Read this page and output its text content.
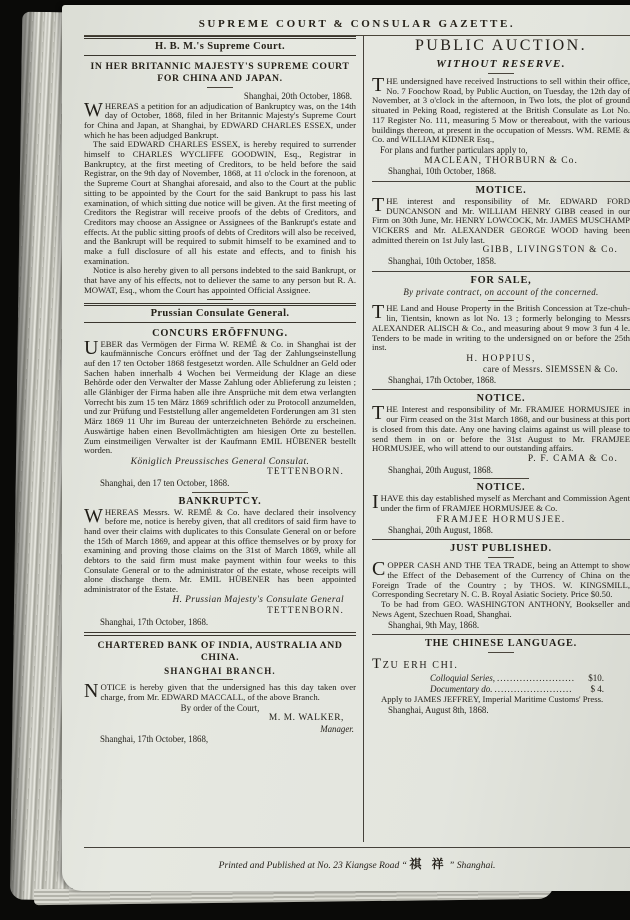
SUPREME COURT & CONSULAR GAZETTE.
H. B. M.'s Supreme Court.
IN HER BRITANNIC MAJESTY'S SUPREME COURT FOR CHINA AND JAPAN.
Shanghai, 20th October, 1868.
WHEREAS a petition for an adjudication of Bankruptcy was, on the 14th day of October, 1868, filed in her Britannic Majesty's Supreme Court for China and Japan, at Shanghai, by EDWARD CHARLES ESSEX, under which he has been adjudged Bankrupt.
The said EDWARD CHARLES ESSEX, is hereby required to surrender himself to CHARLES WYCLIFFE GOODWIN, Esq., Registrar in Bankruptcy, at the first meeting of Creditors, to be held before the said Registrar, on the 9th day of November, 1868, at 11 o'clock in the forenoon, at the Supreme Court at Shanghai aforesaid, and also to the Court at the public sitting to be appointed by the Court for the said Bankrupt to pass his last examination, of which sitting due notice will be given. At the first meeting of Creditors the Registrar will receive proofs of the debts of Creditors, and Creditors may choose an Assignee or Assignees of the Bankrupt's estate and effects. At the public sitting proofs of debts of Creditors will also be received, and the Bankrupt will be required to submit himself to be examined and to make a full disclosure of all his estate and effects, and to finish his examination.
Notice is also hereby given to all persons indebted to the said Bankrupt, or that have any of his effects, not to deliever the same to any person but R. A. MOWAT, Esq., whom the Court has appointed Official Assignee.
Prussian Consulate General.
CONCURS ERÖFFNUNG.
UEBER das Vermögen der Firma W. REMÉ & Co. in Shanghai ist der kaufmännische Concurs eröffnet und der Tag der Zahlungseinstellung auf den 17 ten October 1868 festgesetzt worden. Alle Schuldner an Geld oder Sachen haben innerhalb 4 Wochen bei Vermeidung der Klage an diese Behörde oder den Verwalter der Masse Zahlung oder Ablieferung zu leisten ; alle Glänbiger der Firma haben alle ihre Ansprüche mit dem etwa verlangten Vorrecht bis zum 15 ten März 1869 schriftlich oder zu Protocoll anzumelden, und zur Prüfung und Feststellung aller angemeldeten Forderungen am 31 sten März 1869 11 Uhr im Bureau der unterzeichneten Behörde zu erscheinen. Auswärtige haben einen Bevollmächtigten am hiesigen Orte zu bestellen. Zum einstmeiligen Verwalter ist der Kaufmann EMIL HÜBENER bestellt worden.
Königlich Preussisches General Consulat.
TETTENBORN.
Shanghai, den 17 ten October, 1868.
BANKRUPTCY.
WHEREAS Messrs. W. REMÉ & Co. have declared their insolvency before me, notice is hereby given, that all creditors of said firm have to hand over their claims with duplicates to this Consulate General on or before the 15th of March 1869, and appear at this office themselves or by proxy for examining and proving those claims on the 31st of March 1869, while all debtors to the said firm must make payment within four weeks to this Consulate General or to the administrator of the estate, whose receipts will alone discharge them. Mr. EMIL HÜBENER has been appointed administrator of the Estate.
H. Prussian Majesty's Consulate General
TETTENBORN.
Shanghai, 17th October, 1868.
CHARTERED BANK OF INDIA, AUSTRALIA AND CHINA.
SHANGHAI BRANCH.
NOTICE is hereby given that the undersigned has this day taken over charge, from Mr. EDWARD MACCALL, of the above Branch.
By order of the Court,
M. M. WALKER,
Manager.
Shanghai, 17th October, 1868,
PUBLIC AUCTION.
WITHOUT RESERVE.
THE undersigned have received Instructions to sell within their office, No. 7 Foochow Road, by Public Auction, on Tuesday, the 12th day of November, at 3 o'clock in the afternoon, in Two lots, the plot of ground situated in Peking Road, registered at the British Consulate as Lot No. 117 Register No. 111, measuring 5 Mow or thereabout, with the various buildings thereon, at present in the occupation of Messrs. WM. REME & Co. and WILLIAM KIDNER Esq.,
For plans and further particulars apply to,
MACLEAN, THORBURN & Co.
Shanghai, 10th October, 1868.
MOTICE.
THE interest and responsibility of Mr. EDWARD FORD DUNCANSON and Mr. WILLIAM HENRY GIBB ceased in our Firm on 30th June, Mr. HENRY LOWCOCK, Mr. JAMES MUSCHAMP VICKERS and Mr. ALEXANDER GEORGE WOOD having been admitted therein on 1st July last.
GIBB, LIVINGSTON & Co.
Shanghai, 10th October, 1858.
FOR SALE,
By private contract, on account of the concerned.
THE Land and House Property in the British Concession at Tze-chuh-lin, Tientsin, known as lot No. 13 ; formerly belonging to Messrs ALEXANDER ALISCH & Co., and measuring about 9 mow 3 fun 4 le. Tenders to be made in writing to the undersigned on or before the 25th inst.
H. HOPPIUS,
care of Messrs. SIEMSSEN & Co.
Shanghai, 17th October, 1868.
NOTICE.
THE Interest and responsibility of Mr. FRAMJEE HORMUSJEE in our Firm ceased on the 31st March 1868, and our business at this port is closed from this date. Any one having claims against us will please to send them in on or before the 31st August to Mr. FRAMJEE HORMUSJEE, who will attend to our outstanding affairs.
P. F. CAMA & Co.
Shanghai, 20th August, 1868.
NOTICE.
I HAVE this day established myself as Merchant and Commission Agent under the firm of FRAMJEE HORMUSJEE & Co.
FRAMJEE HORMUSJEE.
Shanghai, 20th August, 1868.
JUST PUBLISHED.
COPPER CASH AND THE TEA TRADE, being an Attempt to show the Effect of the Debasement of the Currency of China on the Foreign Trade of the Country ; by THOS. W. KINGSMILL, Corresponding Secretary N. C. B. Royal Asiatic Society. Price $0.50.
To be had from GEO. WASHINGTON ANTHONY, Bookseller and News Agent, Szechuen Road, Shanghai.
Shanghai, 9th May, 1868.
THE CHINESE LANGUAGE.
TZU ERH CHI.
Colloquial Series, ........................	$10.
Documentary do. ........................	$ 4.
Apply to JAMES JEFFREY, Imperial Maritime Customs' Press.
Shanghai, August 8th, 1868.
Printed and Published at No. 23 Kiangse Road “ 祺 祥 ” Shanghai.
